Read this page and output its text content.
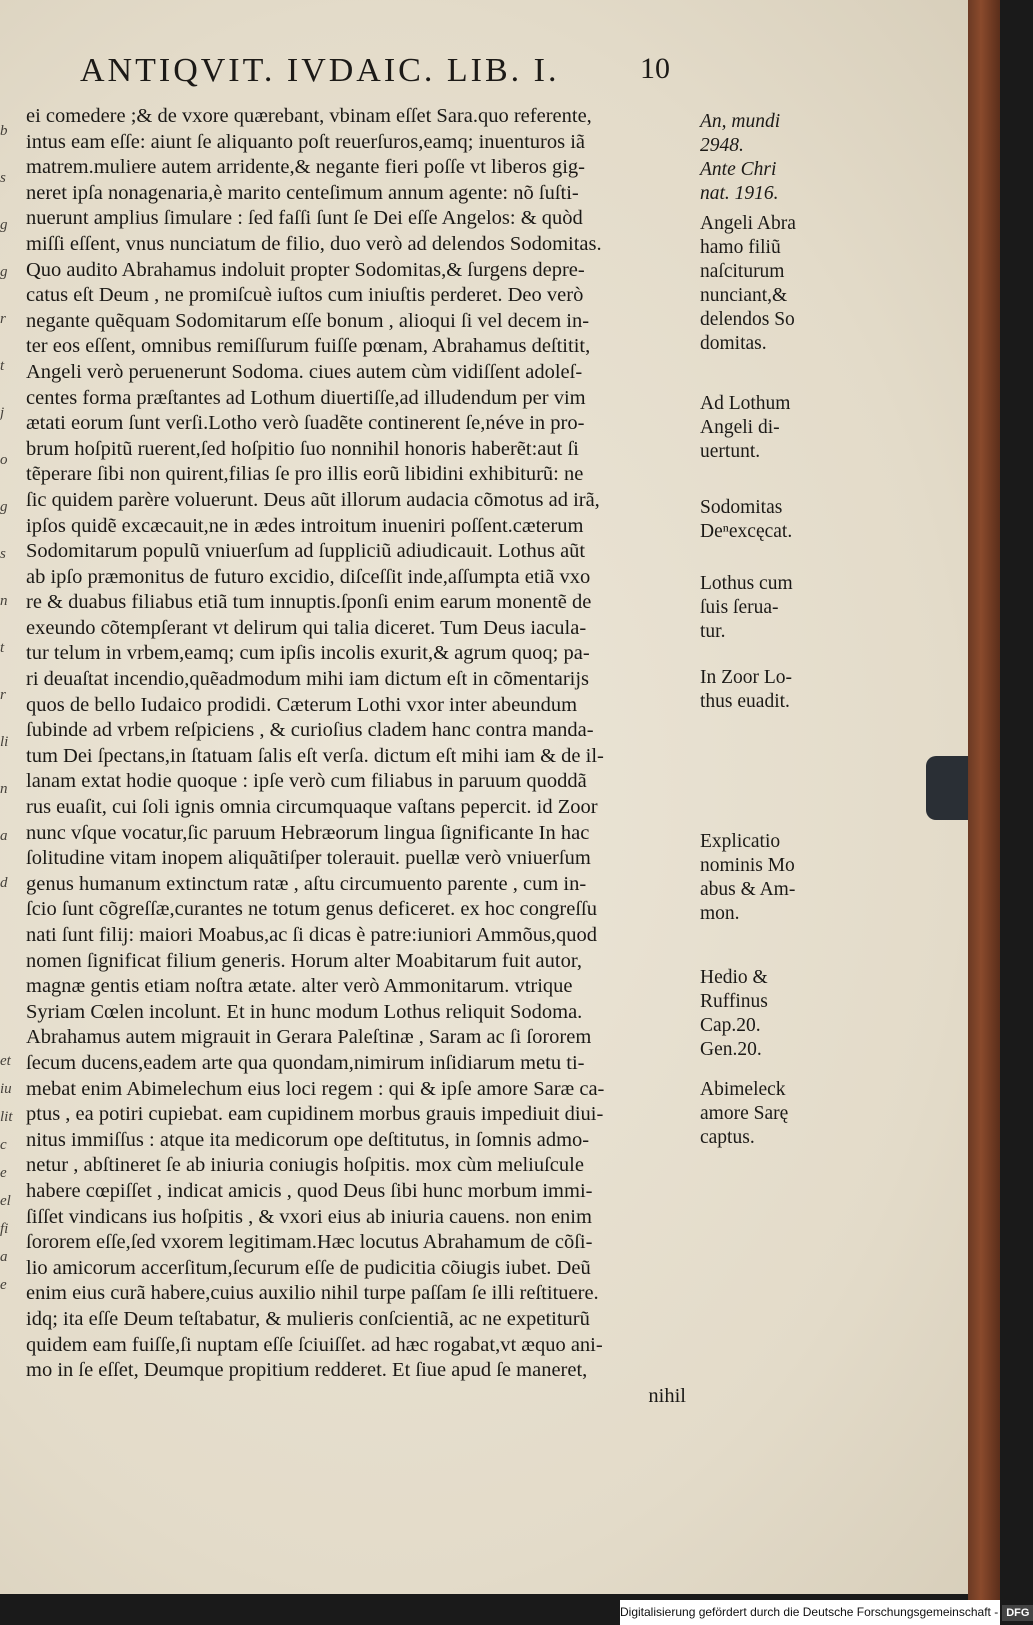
b
s
g
g
r
t
j
o
g
s
n
t
r
li
n
a
d
et
iu
lit
c
e
el
fi
a
e
ANTIQVIT. IVDAIC. LIB. I.	10
ei comedere ;& de vxore quærebant, vbinam eſſet Sara.quo referente,
intus eam eſſe: aiunt ſe aliquanto poſt reuerſuros,eamq; inuenturos iã
matrem.muliere autem arridente,& negante fieri poſſe vt liberos gig-
neret ipſa nonagenaria,è marito centeſimum annum agente: nõ ſuſti-
nuerunt amplius ſimulare : ſed faſſi ſunt ſe Dei eſſe Angelos: & quòd
miſſi eſſent, vnus nunciatum de filio, duo verò ad delendos Sodomitas.
Quo audito Abrahamus indoluit propter Sodomitas,& ſurgens depre-
catus eſt Deum , ne promiſcuè iuſtos cum iniuſtis perderet. Deo verò
negante quẽquam Sodomitarum eſſe bonum , alioqui ſi vel decem in-
ter eos eſſent, omnibus remiſſurum fuiſſe pœnam, Abrahamus deſtitit,
Angeli verò peruenerunt Sodoma. ciues autem cùm vidiſſent adoleſ-
centes forma præſtantes ad Lothum diuertiſſe,ad illudendum per vim
ætati eorum ſunt verſi.Lotho verò ſuadẽte continerent ſe,néve in pro-
brum hoſpitũ ruerent,ſed hoſpitio ſuo nonnihil honoris haberẽt:aut ſi
tẽperare ſibi non quirent,filias ſe pro illis eorũ libidini exhibiturũ: ne
ſic quidem parère voluerunt. Deus aũt illorum audacia cõmotus ad irã,
ipſos quidẽ excæcauit,ne in ædes introitum inueniri poſſent.cæterum
Sodomitarum populũ vniuerſum ad ſuppliciũ adiudicauit. Lothus aũt
ab ipſo præmonitus de futuro excidio, diſceſſit inde,aſſumpta etiã vxo
re & duabus filiabus etiã tum innuptis.ſponſi enim earum monentẽ de
exeundo cõtempſerant vt delirum qui talia diceret. Tum Deus iacula-
tur telum in vrbem,eamq; cum ipſis incolis exurit,& agrum quoq; pa-
ri deuaſtat incendio,quẽadmodum mihi iam dictum eſt in cõmentarijs
quos de bello Iudaico prodidi. Cæterum Lothi vxor inter abeundum
ſubinde ad vrbem reſpiciens , & curioſius cladem hanc contra manda-
tum Dei ſpectans,in ſtatuam ſalis eſt verſa. dictum eſt mihi iam & de il-
lanam extat hodie quoque : ipſe verò cum filiabus in paruum quoddã
rus euaſit, cui ſoli ignis omnia circumquaque vaſtans pepercit. id Zoor
nunc vſque vocatur,ſic paruum Hebræorum lingua ſignificante In hac
ſolitudine vitam inopem aliquãtiſper tolerauit. puellæ verò vniuerſum
genus humanum extinctum ratæ , aſtu circumuento parente , cum in-
ſcio ſunt cõgreſſæ,curantes ne totum genus deficeret. ex hoc congreſſu
nati ſunt filij: maiori Moabus,ac ſi dicas è patre:iuniori Ammõus,quod
nomen ſignificat filium generis. Horum alter Moabitarum fuit autor,
magnæ gentis etiam noſtra ætate. alter verò Ammonitarum. vtrique
Syriam Cœlen incolunt. Et in hunc modum Lothus reliquit Sodoma.
Abrahamus autem migrauit in Gerara Paleſtinæ , Saram ac ſi ſororem
ſecum ducens,eadem arte qua quondam,nimirum inſidiarum metu ti-
mebat enim Abimelechum eius loci regem : qui & ipſe amore Saræ ca-
ptus , ea potiri cupiebat. eam cupidinem morbus grauis impediuit diui-
nitus immiſſus : atque ita medicorum ope deſtitutus, in ſomnis admo-
netur , abſtineret ſe ab iniuria coniugis hoſpitis. mox cùm meliuſcule
habere cœpiſſet , indicat amicis , quod Deus ſibi hunc morbum immi-
ſiſſet vindicans ius hoſpitis , & vxori eius ab iniuria cauens. non enim
ſororem eſſe,ſed vxorem legitimam.Hæc locutus Abrahamum de cõſi-
lio amicorum accerſitum,ſecurum eſſe de pudicitia cõiugis iubet. Deũ
enim eius curã habere,cuius auxilio nihil turpe paſſam ſe illi reſtituere.
idq; ita eſſe Deum teſtabatur, & mulieris conſcientiã, ac ne expetiturũ
quidem eam fuiſſe,ſi nuptam eſſe ſciuiſſet. ad hæc rogabat,vt æquo ani-
mo in ſe eſſet, Deumque propitium redderet. Et ſiue apud ſe maneret,
nihil
An, mundi
2948.
Ante Chri
nat. 1916.
Angeli Abra
hamo filiũ
naſciturum
nunciant,&
delendos So
domitas.
Ad Lothum
Angeli di-
uertunt.
Sodomitas
Deⁿexcęcat.
Lothus cum
ſuis ſerua-
tur.
In Zoor Lo-
thus euadit.
Explicatio
nominis Mo
abus & Am-
mon.
Hedio &
Ruffinus
Cap.20.
Gen.20.
Abimeleck
amore Sarę
captus.
Digitalisierung gefördert durch die Deutsche Forschungsgemeinschaft - DFG
